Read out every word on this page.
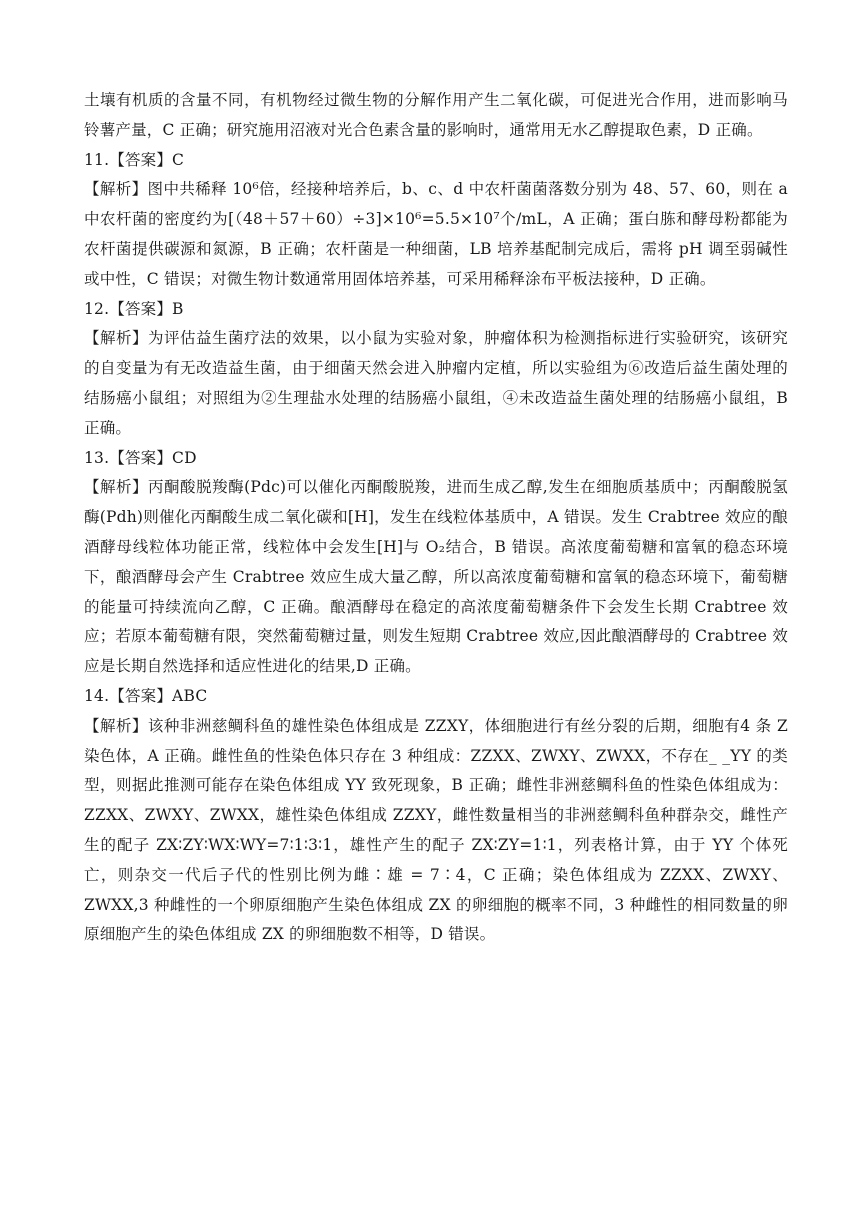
土壤有机质的含量不同，有机物经过微生物的分解作用产生二氧化碳，可促进光合作用，进而影响马铃薯产量，C 正确；研究施用沼液对光合色素含量的影响时，通常用无水乙醇提取色素，D 正确。

11.【答案】C

【解析】图中共稀释 10⁶倍，经接种培养后，b、c、d 中农杆菌菌落数分别为 48、57、60，则在 a 中农杆菌的密度约为[（48＋57＋60）÷3]×10⁶=5.5×10⁷个/mL，A 正确；蛋白胨和酵母粉都能为农杆菌提供碳源和氮源，B 正确；农杆菌是一种细菌，LB 培养基配制完成后，需将 pH 调至弱碱性或中性，C 错误；对微生物计数通常用固体培养基，可采用稀释涂布平板法接种，D 正确。

12.【答案】B

【解析】为评估益生菌疗法的效果，以小鼠为实验对象，肿瘤体积为检测指标进行实验研究，该研究的自变量为有无改造益生菌，由于细菌天然会进入肿瘤内定植，所以实验组为⑥改造后益生菌处理的结肠癌小鼠组；对照组为②生理盐水处理的结肠癌小鼠组，④未改造益生菌处理的结肠癌小鼠组，B 正确。

13.【答案】CD

【解析】丙酮酸脱羧酶(Pdc)可以催化丙酮酸脱羧，进而生成乙醇,发生在细胞质基质中；丙酮酸脱氢酶(Pdh)则催化丙酮酸生成二氧化碳和[H]，发生在线粒体基质中，A 错误。发生 Crabtree 效应的酿酒酵母线粒体功能正常，线粒体中会发生[H]与 O₂结合，B 错误。高浓度葡萄糖和富氧的稳态环境下，酿酒酵母会产生 Crabtree 效应生成大量乙醇，所以高浓度葡萄糖和富氧的稳态环境下，葡萄糖的能量可持续流向乙醇，C 正确。酿酒酵母在稳定的高浓度葡萄糖条件下会发生长期 Crabtree 效应；若原本葡萄糖有限，突然葡萄糖过量，则发生短期 Crabtree 效应,因此酿酒酵母的 Crabtree 效应是长期自然选择和适应性进化的结果,D 正确。

14.【答案】ABC

【解析】该种非洲慈鲷科鱼的雄性染色体组成是 ZZXY，体细胞进行有丝分裂的后期，细胞有4 条 Z 染色体，A 正确。雌性鱼的性染色体只存在 3 种组成：ZZXX、ZWXY、ZWXX，不存在_ _YY 的类型，则据此推测可能存在染色体组成 YY 致死现象，B 正确；雌性非洲慈鲷科鱼的性染色体组成为：ZZXX、ZWXY、ZWXX，雄性染色体组成 ZZXY，雌性数量相当的非洲慈鲷科鱼种群杂交，雌性产生的配子 ZX∶ZY∶WX∶WY=7∶1∶3∶1，雄性产生的配子 ZX∶ZY=1∶1，列表格计算，由于 YY 个体死亡，则杂交一代后子代的性别比例为雌∶雄 = 7∶4，C 正确；染色体组成为 ZZXX、ZWXY、ZWXX,3 种雌性的一个卵原细胞产生染色体组成 ZX 的卵细胞的概率不同，3 种雌性的相同数量的卵原细胞产生的染色体组成 ZX 的卵细胞数不相等，D 错误。
